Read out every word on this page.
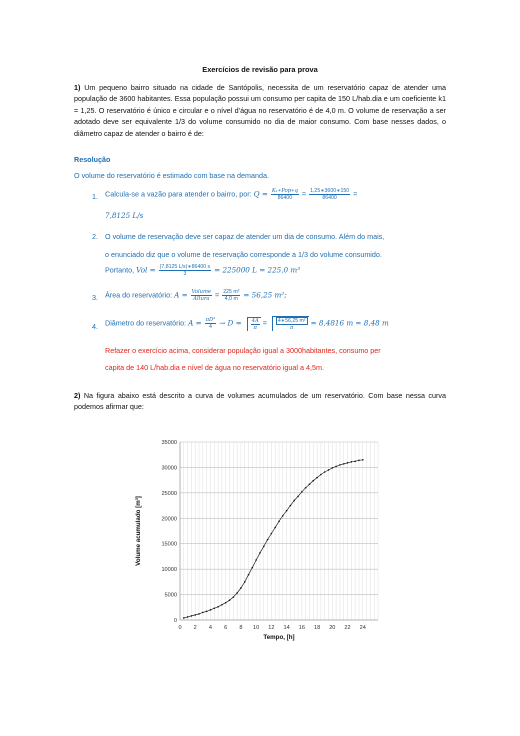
Exercícios de revisão para prova
1) Um pequeno bairro situado na cidade de Santópolis, necessita de um reservatório capaz de atender uma população de 3600 habitantes. Essa população possui um consumo per capita de 150 L/hab.dia e um coeficiente k1 = 1,25. O reservatório é único e circular e o nível d’água no reservatório é de 4,0 m. O volume de reservação a ser adotado deve ser equivalente 1/3 do volume consumido no dia de maior consumo. Com base nesses dados, o diâmetro capaz de atender o bairro é de:
Resolução
O volume do reservatório é estimado com base na demanda.
1. Calcula-se a vazão para atender o bairro, por: $Q = \frac{\text{K₁∗Pop∗q}}{86400} = \frac{1,25∗3600∗150}{86400}$ =
7,8125 L/s
2. O volume de reservação deve ser capaz de atender um dia de consumo. Além do mais,
o enunciado diz que o volume de reservação corresponde a 1/3 do volume consumido.
Portanto, Vol = $\frac{(7,8125 L/s)∗86400 s}{3} = 225000$ L = 225,0 m³
3. Área do reservatório: $A = \frac{\text{Volume}}{\text{Altura}} = \frac{\text{225 m³}}{4,0 m} = 56,25$ m²;
4. Diâmetro do reservatório: $A = \frac{\text{πD²}}{4} \to D = \frac{4A}{\pi} = \frac{\text{4∗56,25 m²}}{\pi} = 8,4816$ m = 8,48 m
Refazer o exercício acima, considerar população igual a 3000habitantes, consumo per
capita de 140 L/hab.dia e nível de água no reservatório igual a 4,5m.
2) Na figura abaixo está descrito a curva de volumes acumulados de um reservatório. Com base nessa curva podemos afirmar que:
0
5000
10000
15000
20000
25000
30000
35000
0 2 4 6 8 10 12 14 16 18 20 22 24
Tempo, [h]
Volume acumulado [m³]
